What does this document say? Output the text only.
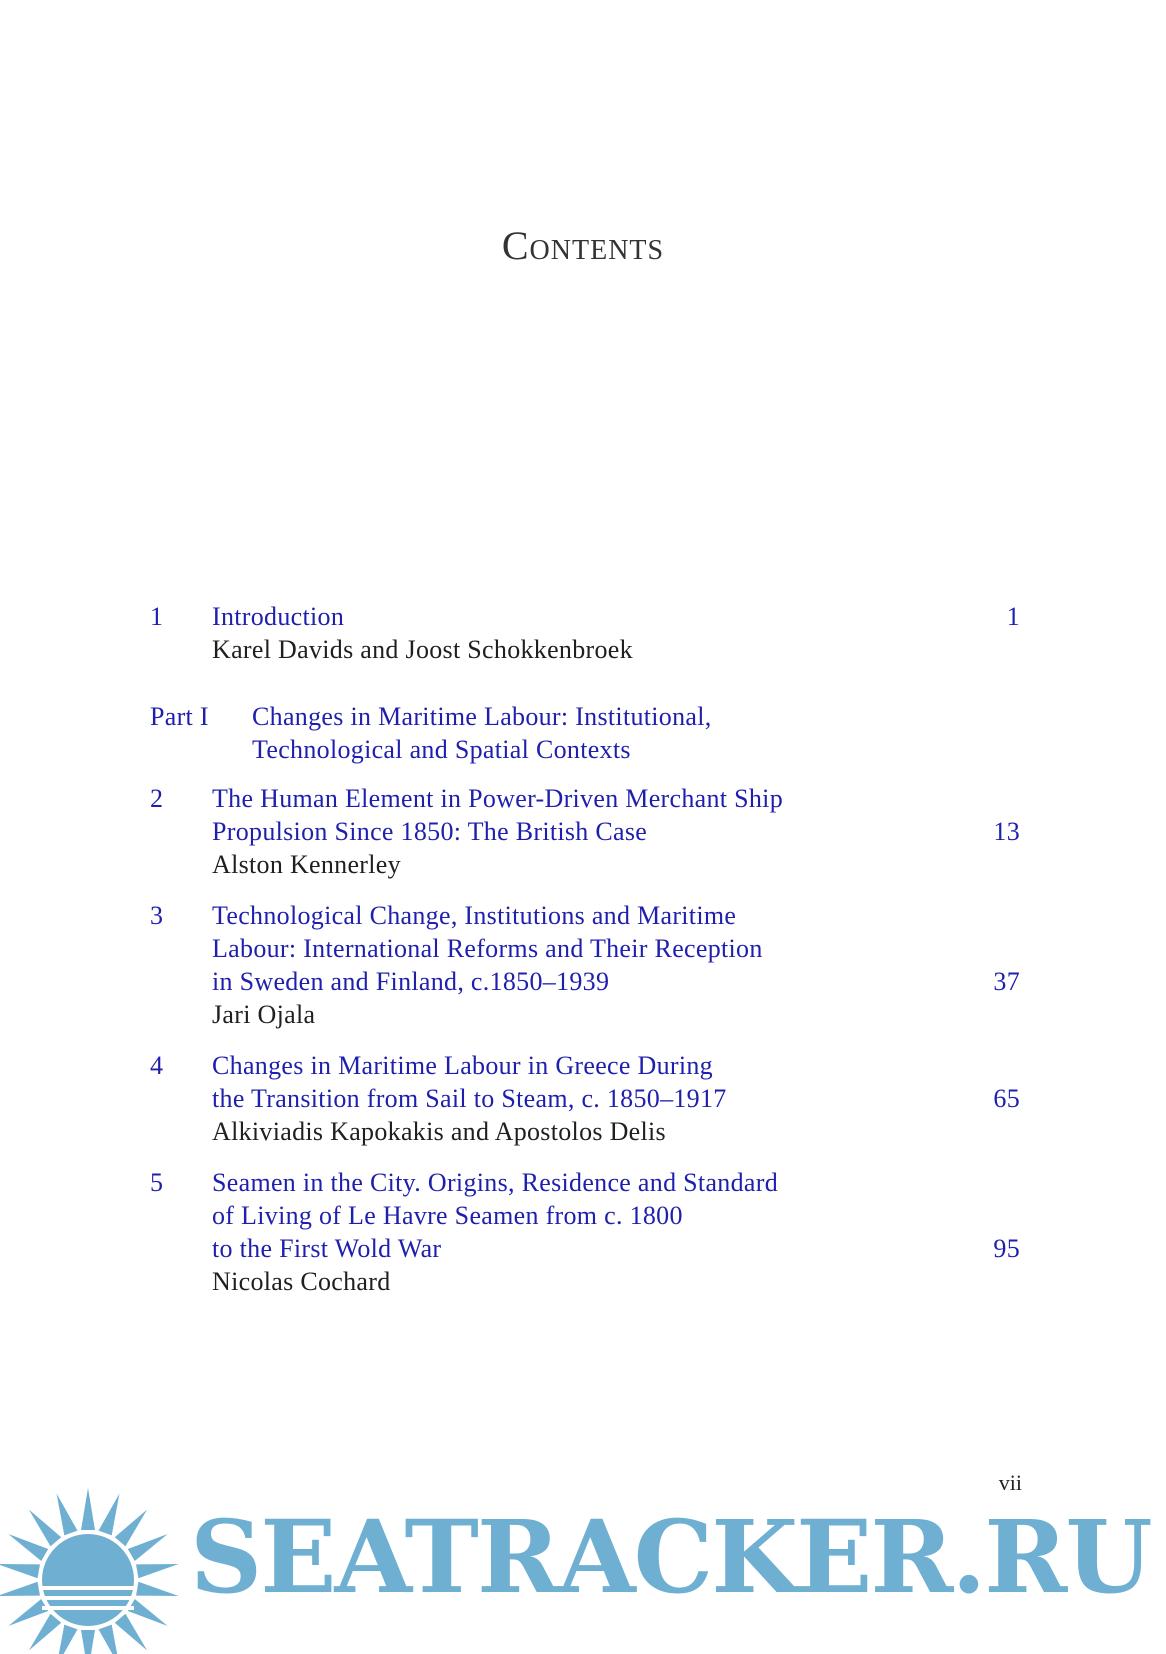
Contents
1 Introduction
Karel Davids and Joost Schokkenbroek
1
Part I Changes in Maritime Labour: Institutional,
Technological and Spatial Contexts
2 The Human Element in Power-Driven Merchant Ship
Propulsion Since 1850: The British Case
Alston Kennerley
13
3 Technological Change, Institutions and Maritime
Labour: International Reforms and Their Reception
in Sweden and Finland, c.1850–1939
Jari Ojala
37
4 Changes in Maritime Labour in Greece During
the Transition from Sail to Steam, c. 1850–1917
Alkiviadis Kapokakis and Apostolos Delis
65
5 Seamen in the City. Origins, Residence and Standard
of Living of Le Havre Seamen from c. 1800
to the First Wold War
Nicolas Cochard
95
vii
SEATRACKER.RU
